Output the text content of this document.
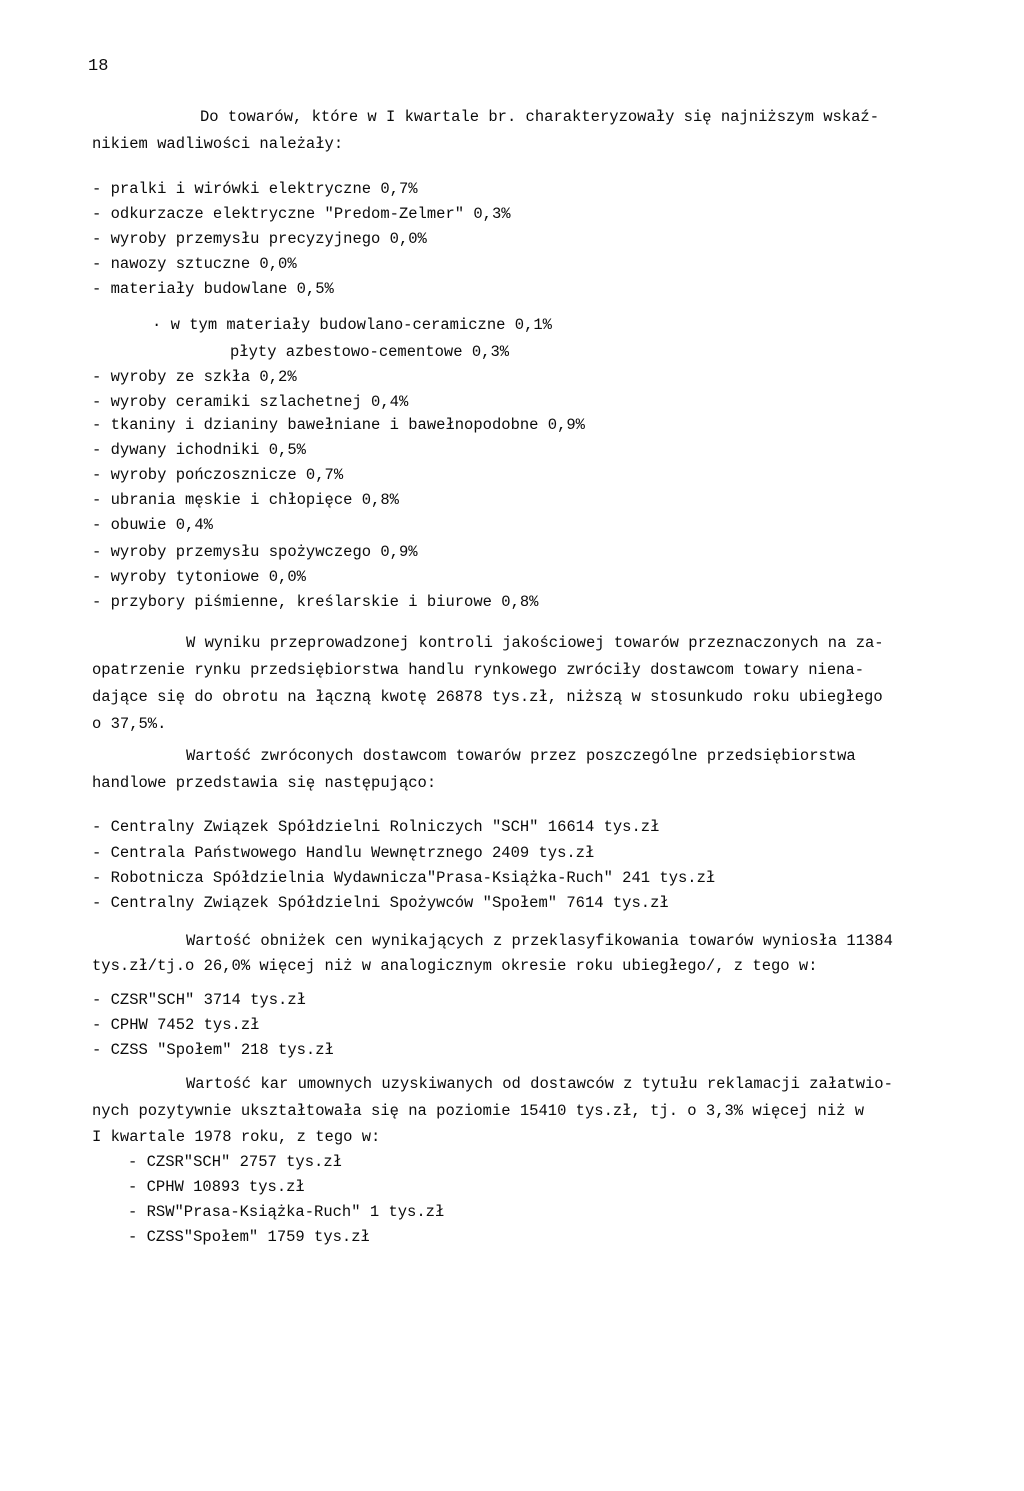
18
Do towarów, które w I kwartale br. charakteryzowały się najniższym wskaź-
nikiem wadliwości należały:
- pralki i wirówki elektryczne 0,7%
- odkurzacze elektryczne "Predom-Zelmer" 0,3%
- wyroby przemysłu precyzyjnego 0,0%
- nawozy sztuczne 0,0%
- materiały budowlane 0,5%
· w tym materiały budowlano-ceramiczne 0,1%
płyty azbestowo-cementowe 0,3%
- wyroby ze szkła 0,2%
- wyroby ceramiki szlachetnej 0,4%
- tkaniny i dzianiny bawełniane i bawełnopodobne 0,9%
- dywany ichodniki 0,5%
- wyroby pończosznicze 0,7%
- ubrania męskie i chłopięce 0,8%
- obuwie 0,4%
- wyroby przemysłu spożywczego 0,9%
- wyroby tytoniowe 0,0%
- przybory piśmienne, kreślarskie i biurowe 0,8%
W wyniku przeprowadzonej kontroli jakościowej towarów przeznaczonych na za-
opatrzenie rynku przedsiębiorstwa handlu rynkowego zwróciły dostawcom towary niena-
dające się do obrotu na łączną kwotę 26878 tys.zł, niższą w stosunkudo roku ubiegłego
o 37,5%.
Wartość zwróconych dostawcom towarów przez poszczególne przedsiębiorstwa
handlowe przedstawia się następująco:
- Centralny Związek Spółdzielni Rolniczych "SCH" 16614 tys.zł
- Centrala Państwowego Handlu Wewnętrznego 2409 tys.zł
- Robotnicza Spółdzielnia Wydawnicza"Prasa-Książka-Ruch" 241 tys.zł
- Centralny Związek Spółdzielni Spożywców "Społem" 7614 tys.zł
Wartość obniżek cen wynikających z przeklasyfikowania towarów wyniosła 11384
tys.zł/tj.o 26,0% więcej niż w analogicznym okresie roku ubiegłego/, z tego w:
- CZSR"SCH" 3714 tys.zł
- CPHW 7452 tys.zł
- CZSS "Społem" 218 tys.zł
Wartość kar umownych uzyskiwanych od dostawców z tytułu reklamacji załatwio-
nych pozytywnie ukształtowała się na poziomie 15410 tys.zł, tj. o 3,3% więcej niż w
I kwartale 1978 roku, z tego w:
- CZSR"SCH" 2757 tys.zł
- CPHW 10893 tys.zł
- RSW"Prasa-Książka-Ruch" 1 tys.zł
- CZSS"Społem" 1759 tys.zł
